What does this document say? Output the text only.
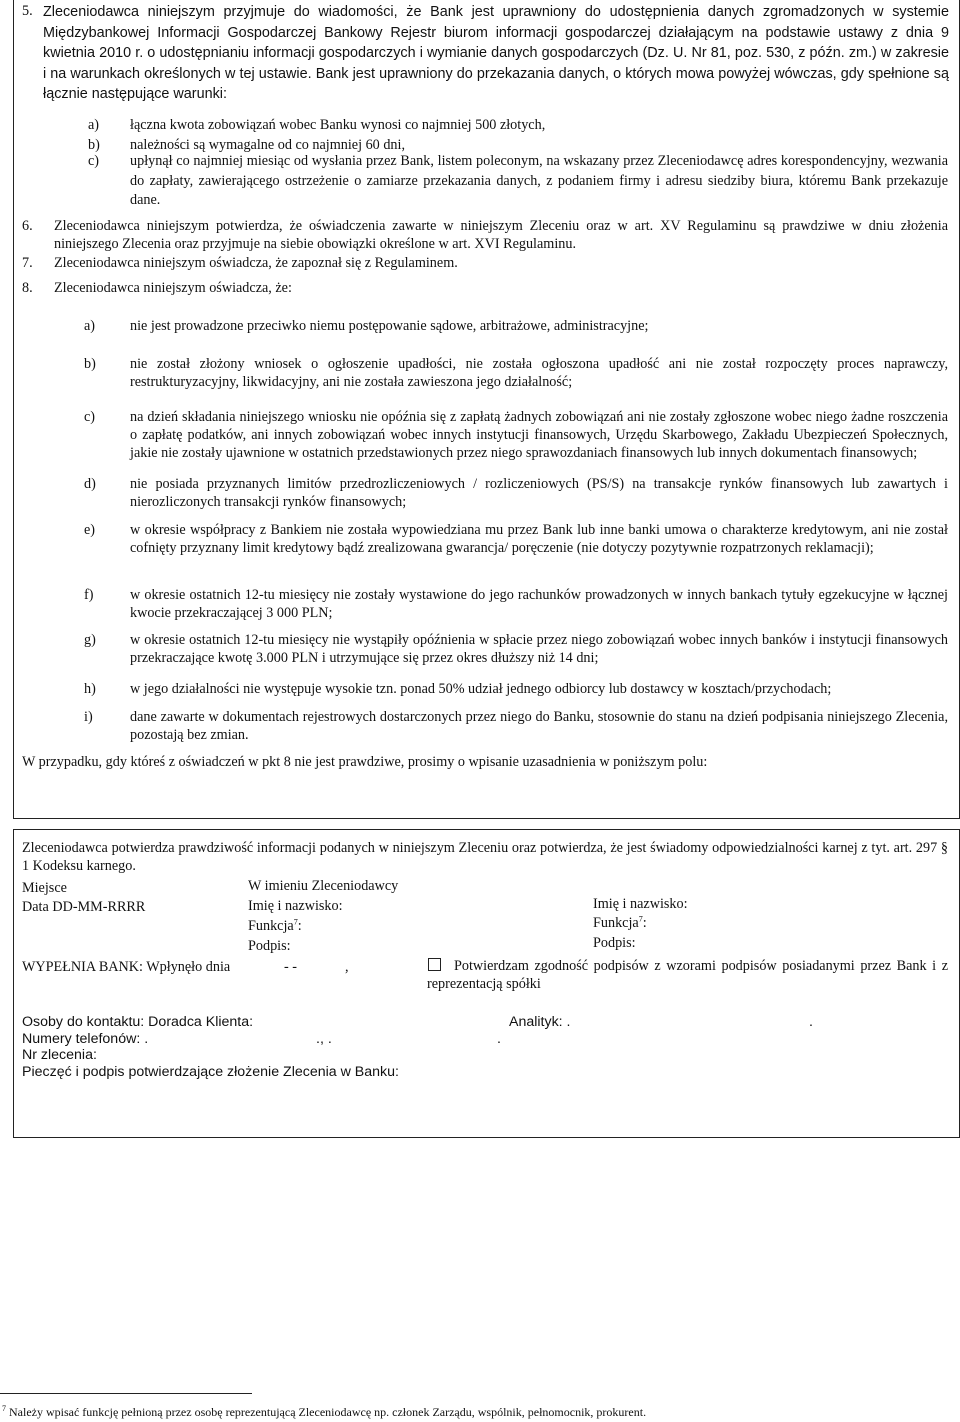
5. Zleceniodawca niniejszym przyjmuje do wiadomości, że Bank jest uprawniony do udostępnienia danych zgromadzonych w systemie Międzybankowej Informacji Gospodarczej Bankowy Rejestr biurom informacji gospodarczej działającym na podstawie ustawy z dnia 9 kwietnia 2010 r. o udostępnianiu informacji gospodarczych i wymianie danych gospodarczych (Dz. U. Nr 81, poz. 530, z późn. zm.) w zakresie i na warunkach określonych w tej ustawie. Bank jest uprawniony do przekazania danych, o których mowa powyżej wówczas, gdy spełnione są łącznie następujące warunki:
a) łączna kwota zobowiązań wobec Banku wynosi co najmniej 500 złotych,
b) należności są wymagalne od co najmniej 60 dni,
c) upłynął co najmniej miesiąc od wysłania przez Bank, listem poleconym, na wskazany przez Zleceniodawcę adres korespondencyjny, wezwania do zapłaty, zawierającego ostrzeżenie o zamiarze przekazania danych, z podaniem firmy i adresu siedziby biura, któremu Bank przekazuje dane.
6. Zleceniodawca niniejszym potwierdza, że oświadczenia zawarte w niniejszym Zleceniu oraz w art. XV Regulaminu są prawdziwe w dniu złożenia niniejszego Zlecenia oraz przyjmuje na siebie obowiązki określone w art. XVI Regulaminu.
7. Zleceniodawca niniejszym oświadcza, że zapoznał się z Regulaminem.
8. Zleceniodawca niniejszym oświadcza, że:
a) nie jest prowadzone przeciwko niemu postępowanie sądowe, arbitrażowe, administracyjne;
b) nie został złożony wniosek o ogłoszenie upadłości, nie została ogłoszona upadłość ani nie został rozpoczęty proces naprawczy, restrukturyzacyjny, likwidacyjny, ani nie została zawieszona jego działalność;
c) na dzień składania niniejszego wniosku nie opóźnia się z zapłatą żadnych zobowiązań ani nie zostały zgłoszone wobec niego żadne roszczenia o zapłatę podatków, ani innych zobowiązań wobec innych instytucji finansowych, Urzędu Skarbowego, Zakładu Ubezpieczeń Społecznych, jakie nie zostały ujawnione w ostatnich przedstawionych przez niego sprawozdaniach finansowych lub innych dokumentach finansowych;
d) nie posiada przyznanych limitów przedrozliczeniowych / rozliczeniowych (PS/S) na transakcje rynków finansowych lub zawartych i nierozliczonych transakcji rynków finansowych;
e) w okresie współpracy z Bankiem nie została wypowiedziana mu przez Bank lub inne banki umowa o charakterze kredytowym, ani nie został cofnięty przyznany limit kredytowy bądź zrealizowana gwarancja/ poręczenie (nie dotyczy pozytywnie rozpatrzonych reklamacji);
f)	w okresie ostatnich 12-tu miesięcy nie zostały wystawione do jego rachunków prowadzonych w innych bankach tytuły egzekucyjne w łącznej kwocie przekraczającej 3 000 PLN;
g) w okresie ostatnich 12-tu miesięcy nie wystąpiły opóźnienia w spłacie przez niego zobowiązań wobec innych banków i instytucji finansowych przekraczające kwotę 3.000 PLN i utrzymujące się przez okres dłuższy niż 14 dni;
h) w jego działalności nie występuje wysokie tzn. ponad 50% udział jednego odbiorcy lub dostawcy w kosztach/przychodach;
i)	dane zawarte w dokumentach rejestrowych dostarczonych przez niego do Banku, stosownie do stanu na dzień podpisania niniejszego Zlecenia, pozostają bez zmian.
W przypadku, gdy któreś z oświadczeń w pkt 8 nie jest prawdziwe, prosimy o wpisanie uzasadnienia w poniższym polu:
Zleceniodawca potwierdza prawdziwość informacji podanych w niniejszym Zleceniu oraz potwierdza, że jest świadomy odpowiedzialności karnej z tyt. art. 297 § 1 Kodeksu karnego.
Miejsce
Data DD-MM-RRRR
W imieniu Zleceniodawcy
Imię i nazwisko:
Funkcja$^7$:
Podpis:
Imię i nazwisko:
Funkcja$^7$:
Podpis:
WYPEŁNIA BANK: Wpłynęło dnia	- -	,	Potwierdzam zgodność podpisów z wzorami podpisów posiadanymi przez Bank i z reprezentacją spółki
Osoby do kontaktu: Doradca Klienta:	Analityk: .	.
Numery telefonów: .	., .	.
Nr zlecenia:
Pieczęć i podpis potwierdzające złożenie Zlecenia w Banku:
$^7$ Należy wpisać funkcję pełnioną przez osobę reprezentującą Zleceniodawcę np. członek Zarządu, wspólnik, pełnomocnik, prokurent.
